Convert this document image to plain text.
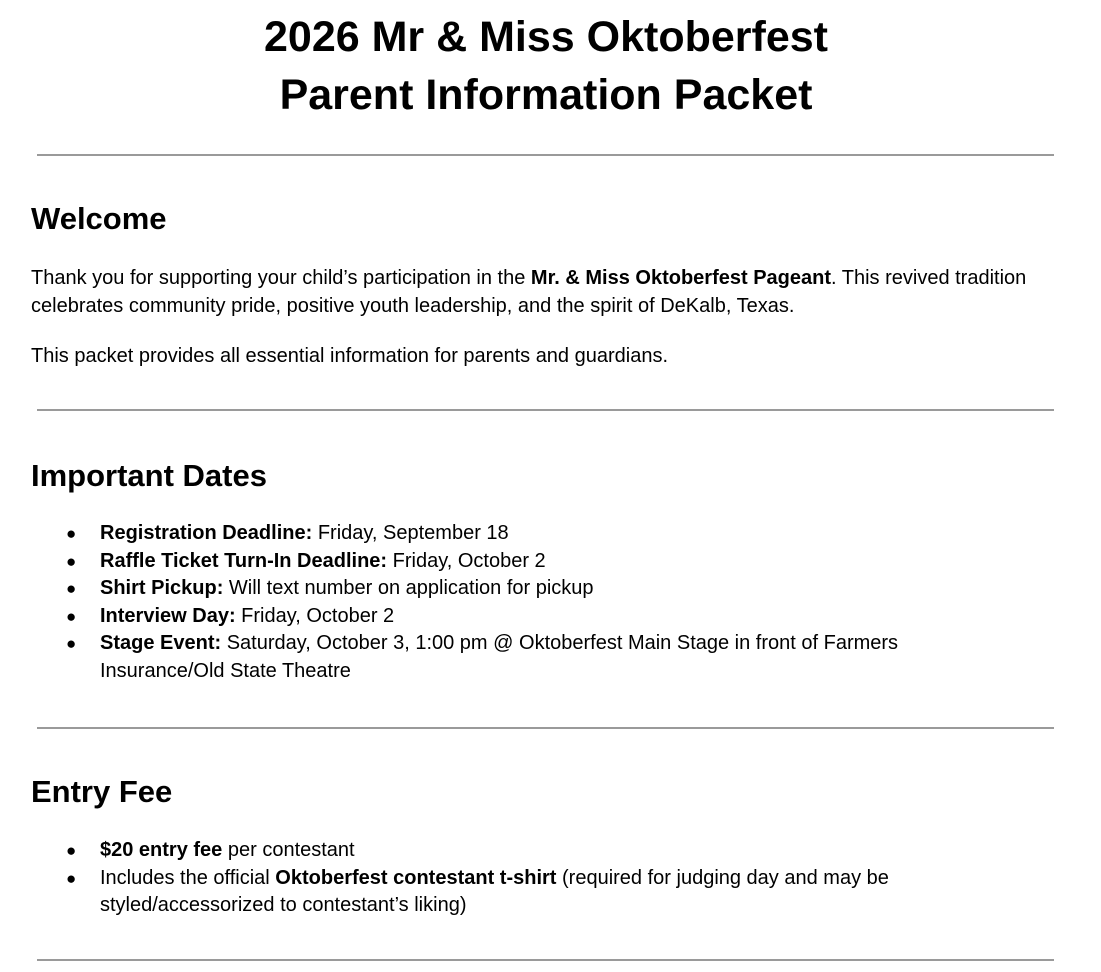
2026 Mr & Miss Oktoberfest
Parent Information Packet
Welcome

Thank you for supporting your child’s participation in the Mr. & Miss Oktoberfest Pageant. This revived tradition celebrates community pride, positive youth leadership, and the spirit of DeKalb, Texas.

This packet provides all essential information for parents and guardians.

Important Dates
● Registration Deadline: Friday, September 18
● Raffle Ticket Turn-In Deadline: Friday, October 2
● Shirt Pickup: Will text number on application for pickup
● Interview Day: Friday, October 2
● Stage Event: Saturday, October 3, 1:00 pm @ Oktoberfest Main Stage in front of Farmers Insurance/Old State Theatre
Entry Fee
● $20 entry fee per contestant
● Includes the official Oktoberfest contestant t-shirt (required for judging day and may be styled/accessorized to contestant’s liking)
